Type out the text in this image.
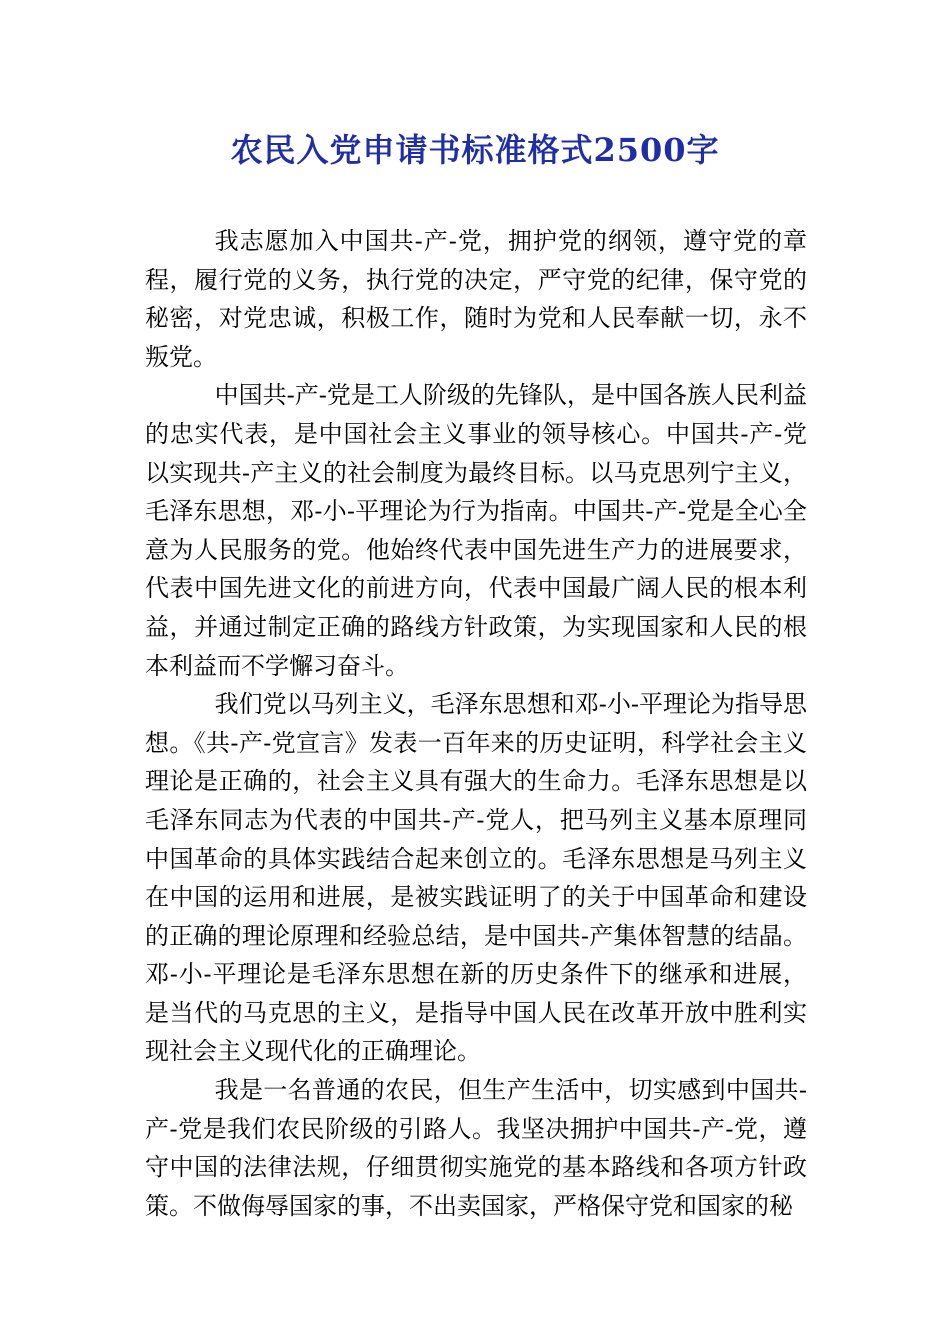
农民入党申请书标准格式2500字

我志愿加入中国共-产-党，拥护党的纲领，遵守党的章程，履行党的义务，执行党的决定，严守党的纪律，保守党的秘密，对党忠诚，积极工作，随时为党和人民奉献一切，永不叛党。

中国共-产-党是工人阶级的先锋队，是中国各族人民利益的忠实代表，是中国社会主义事业的领导核心。中国共-产-党以实现共-产主义的社会制度为最终目标。以马克思列宁主义，毛泽东思想，邓-小-平理论为行为指南。中国共-产-党是全心全意为人民服务的党。他始终代表中国先进生产力的进展要求，代表中国先进文化的前进方向，代表中国最广阔人民的根本利益，并通过制定正确的路线方针政策，为实现国家和人民的根本利益而不学懈习奋斗。

我们党以马列主义，毛泽东思想和邓-小-平理论为指导思想。《共-产-党宣言》发表一百年来的历史证明，科学社会主义理论是正确的，社会主义具有强大的生命力。毛泽东思想是以毛泽东同志为代表的中国共-产-党人，把马列主义基本原理同中国革命的具体实践结合起来创立的。毛泽东思想是马列主义在中国的运用和进展，是被实践证明了的关于中国革命和建设的正确的理论原理和经验总结，是中国共-产集体智慧的结晶。邓-小-平理论是毛泽东思想在新的历史条件下的继承和进展，是当代的马克思的主义，是指导中国人民在改革开放中胜利实现社会主义现代化的正确理论。

我是一名普通的农民，但生产生活中，切实感到中国共-产-党是我们农民阶级的引路人。我坚决拥护中国共-产-党，遵守中国的法律法规，仔细贯彻实施党的基本路线和各项方针政策。不做侮辱国家的事，不出卖国家，严格保守党和国家的秘
